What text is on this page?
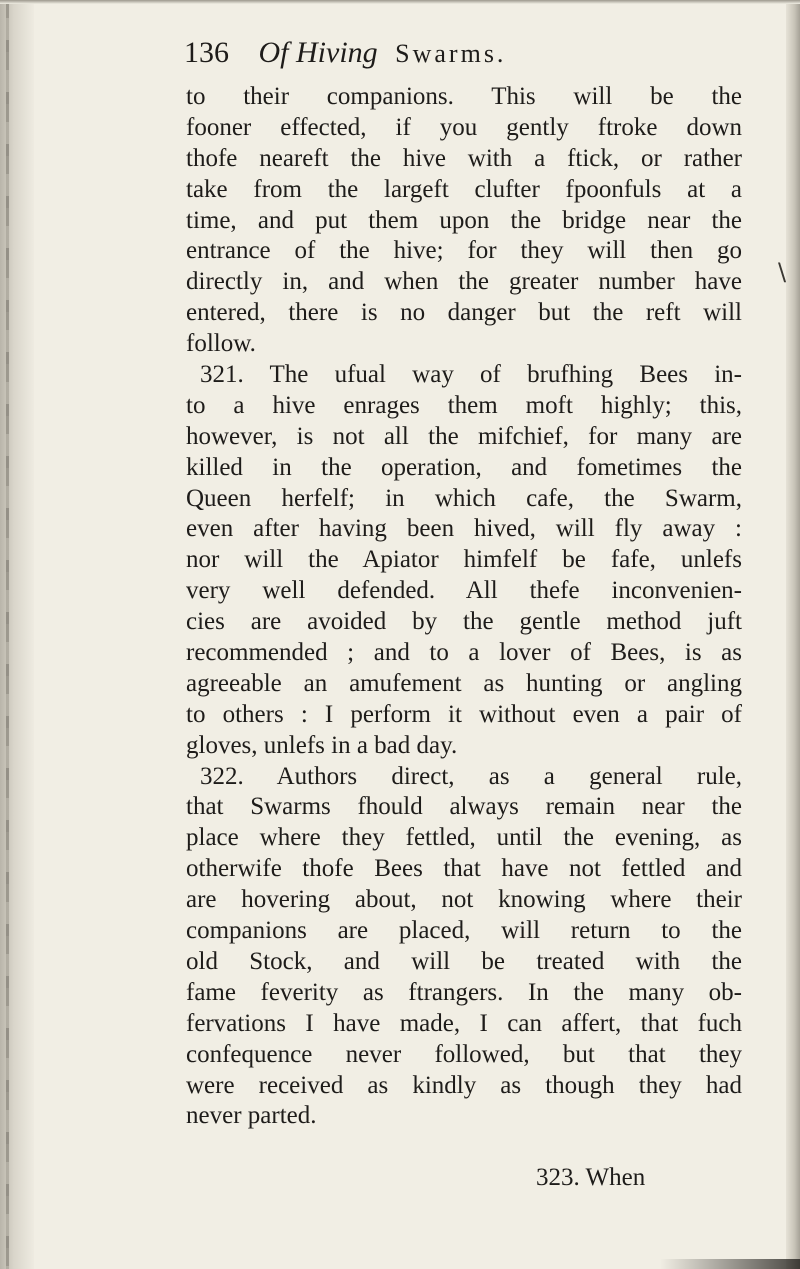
\
136 Of Hiving Swarms.
to their companions. This will be the
fooner effected, if you gently ftroke down
thofe neareft the hive with a ftick, or rather
take from the largeft clufter fpoonfuls at a
time, and put them upon the bridge near the
entrance of the hive; for they will then go
directly in, and when the greater number have
entered, there is no danger but the reft will
follow.
321. The ufual way of brufhing Bees in-
to a hive enrages them moft highly; this,
however, is not all the mifchief, for many are
killed in the operation, and fometimes the
Queen herfelf; in which cafe, the Swarm,
even after having been hived, will fly away :
nor will the Apiator himfelf be fafe, unlefs
very well defended. All thefe inconvenien-
cies are avoided by the gentle method juft
recommended ; and to a lover of Bees, is as
agreeable an amufement as hunting or angling
to others : I perform it without even a pair of
gloves, unlefs in a bad day.
322. Authors direct, as a general rule,
that Swarms fhould always remain near the
place where they fettled, until the evening, as
otherwife thofe Bees that have not fettled and
are hovering about, not knowing where their
companions are placed, will return to the
old Stock, and will be treated with the
fame feverity as ftrangers. In the many ob-
fervations I have made, I can affert, that fuch
confequence never followed, but that they
were received as kindly as though they had
never parted.
323. When
